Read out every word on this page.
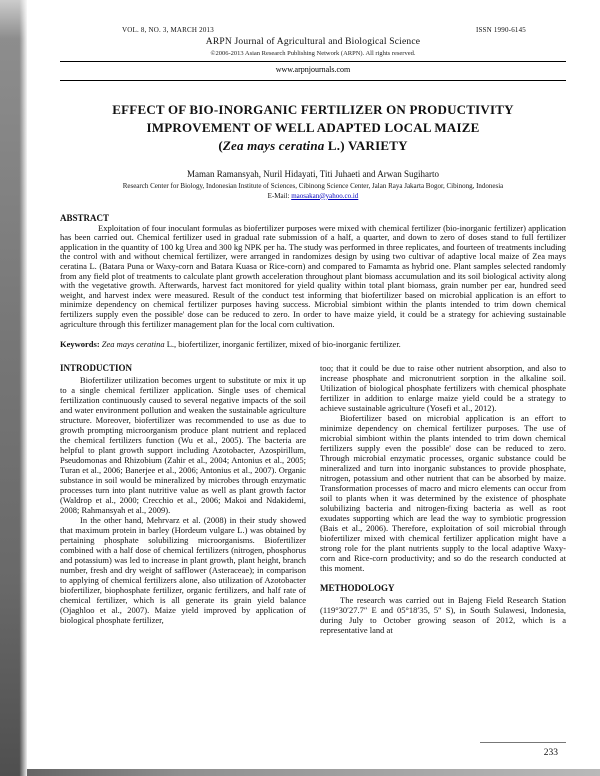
VOL. 8, NO. 3, MARCH 2013	ISSN 1990-6145
ARPN Journal of Agricultural and Biological Science
©2006-2013 Asian Research Publishing Network (ARPN). All rights reserved.
www.arpnjournals.com
EFFECT OF BIO-INORGANIC FERTILIZER ON PRODUCTIVITY
IMPROVEMENT OF WELL ADAPTED LOCAL MAIZE
(Zea mays ceratina L.) VARIETY
Maman Ramansyah, Nuril Hidayati, Titi Juhaeti and Arwan Sugiharto
Research Center for Biology, Indonesian Institute of Sciences, Cibinong Science Center, Jalan Raya Jakarta Bogor, Cibinong, Indonesia
E-Mail: maosakan@yahoo.co.id
ABSTRACT

Exploitation of four inoculant formulas as biofertilizer purposes were mixed with chemical fertilizer (bio-inorganic fertilizer) application has been carried out. Chemical fertilizer used in gradual rate submission of a half, a quarter, and down to zero of doses stand to full fertilizer application in the quantity of 100 kg Urea and 300 kg NPK per ha. The study was performed in three replicates, and fourteen of treatments including the control with and without chemical fertilizer, were arranged in randomizes design by using two cultivar of adaptive local maize of Zea mays ceratina L. (Batara Puna or Waxy-corn and Batara Kuasa or Rice-corn) and compared to Famamta as hybrid one. Plant samples selected randomly from any field plot of treatments to calculate plant growth acceleration throughout plant biomass accumulation and its soil biological activity along with the vegetative growth. Afterwards, harvest fact monitored for yield quality within total plant biomass, grain number per ear, hundred seed weight, and harvest index were measured. Result of the conduct test informing that biofertilizer based on microbial application is an effort to minimize dependency on chemical fertilizer purposes having success. Microbial simbiont within the plants intended to trim down chemical fertilizers supply even the possible' dose can be reduced to zero. In order to have maize yield, it could be a strategy for achieving sustainable agriculture through this fertilizer management plan for the local corn cultivation.

Keywords: Zea mays ceratina L., biofertilizer, inorganic fertilizer, mixed of bio-inorganic fertilizer.

INTRODUCTION

Biofertilizer utilization becomes urgent to substitute or mix it up to a single chemical fertilizer application. Single uses of chemical fertilization continuously caused to several negative impacts of the soil and water environment pollution and weaken the sustainable agriculture structure. Moreover, biofertilizer was recommended to use as due to growth prompting microorganism produce plant nutrient and replaced the chemical fertilizers function (Wu et al., 2005). The bacteria are helpful to plant growth support including Azotobacter, Azospirillum, Pseudomonas and Rhizobium (Zahir et al., 2004; Antonius et al., 2005; Turan et al., 2006; Banerjee et al., 2006; Antonius et al., 2007). Organic substance in soil would be mineralized by microbes through enzymatic processes turn into plant nutritive value as well as plant growth factor (Waldrop et al., 2000; Crecchio et al., 2006; Makoi and Ndakidemi, 2008; Rahmansyah et al., 2009).

In the other hand, Mehrvarz et al. (2008) in their study showed that maximum protein in barley (Hordeum vulgare L.) was obtained by pertaining phosphate solubilizing microorganisms. Biofertilizer combined with a half dose of chemical fertilizers (nitrogen, phosphorus and potassium) was led to increase in plant growth, plant height, branch number, fresh and dry weight of safflower (Asteraceae); in comparison to applying of chemical fertilizers alone, also utilization of Azotobacter biofertilizer, biophosphate fertilizer, organic fertilizers, and half rate of chemical fertilizer, which is all generate its grain yield balance (Ojaghloo et al., 2007). Maize yield improved by application of biological phosphate fertilizer,

too; that it could be due to raise other nutrient absorption, and also to increase phosphate and micronutrient sorption in the alkaline soil. Utilization of biological phosphate fertilizers with chemical phosphate fertilizer in addition to enlarge maize yield could be a strategy to achieve sustainable agriculture (Yosefi et al., 2012).

Biofertilizer based on microbial application is an effort to minimize dependency on chemical fertilizer purposes. The use of microbial simbiont within the plants intended to trim down chemical fertilizers supply even the possible' dose can be reduced to zero. Through microbial enzymatic processes, organic substance could be mineralized and turn into inorganic substances to provide phosphate, nitrogen, potassium and other nutrient that can be absorbed by maize. Transformation processes of macro and micro elements can occur from soil to plants when it was determined by the existence of phosphate solubilizing bacteria and nitrogen-fixing bacteria as well as root exudates supporting which are lead the way to symbiotic progression (Bais et al., 2006). Therefore, exploitation of soil microbial through biofertilizer mixed with chemical fertilizer application might have a strong role for the plant nutrients supply to the local adaptive Waxy-corn and Rice-corn productivity; and so do the research conducted at this moment.

METHODOLOGY

The research was carried out in Bajeng Field Research Station (119°30′27.7″ E and 05°18′35, 5″ S), in South Sulawesi, Indonesia, during July to October growing season of 2012, which is a representative land at

233
